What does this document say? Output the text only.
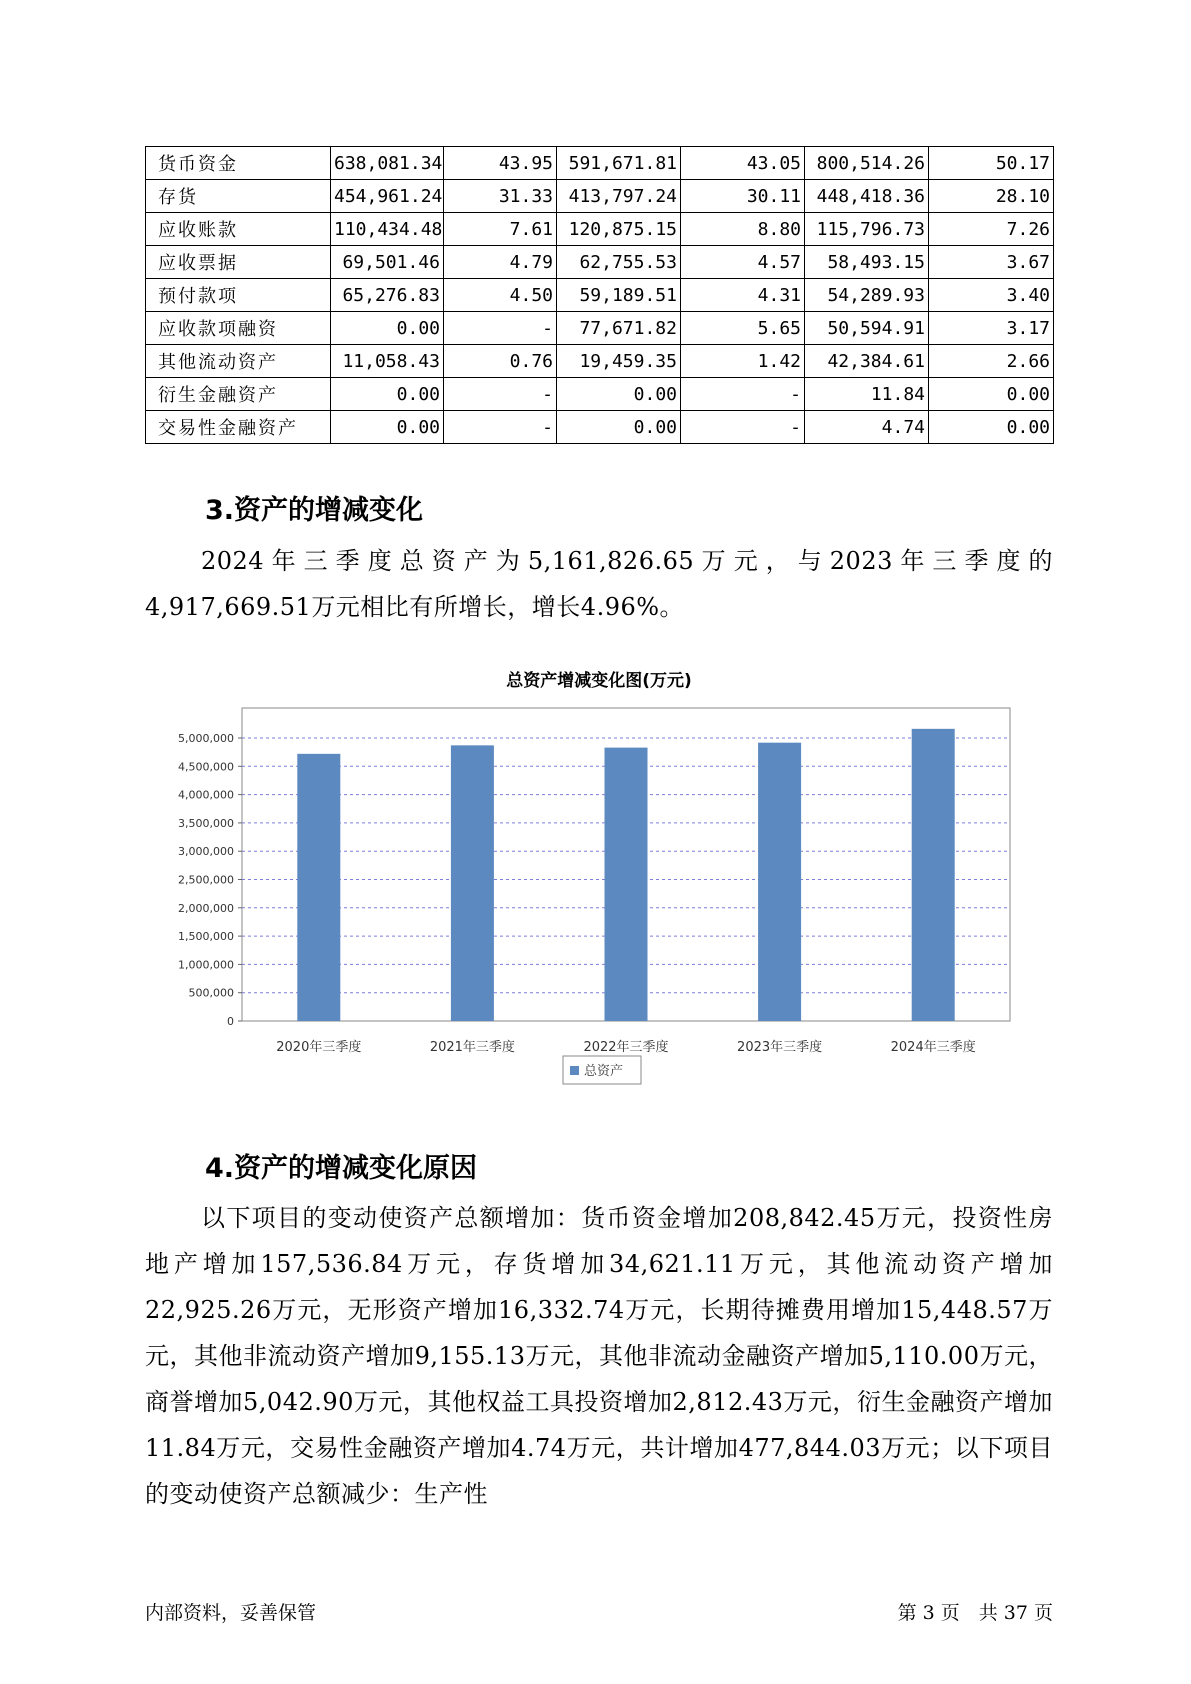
货币资金	638,081.34	43.95	591,671.81	43.05	800,514.26	50.17
存货	454,961.24	31.33	413,797.24	30.11	448,418.36	28.10
应收账款	110,434.48	7.61	120,875.15	8.80	115,796.73	7.26
应收票据	69,501.46	4.79	62,755.53	4.57	58,493.15	3.67
预付款项	65,276.83	4.50	59,189.51	4.31	54,289.93	3.40
应收款项融资	0.00	-	77,671.82	5.65	50,594.91	3.17
其他流动资产	11,058.43	0.76	19,459.35	1.42	42,384.61	2.66
衍生金融资产	0.00	-	0.00	-	11.84	0.00
交易性金融资产	0.00	-	0.00	-	4.74	0.00
3.资产的增减变化

2024年三季度总资产为5,161,826.65万元，与2023年三季度的4,917,669.51万元相比有所增长，增长4.96%。

总资产增减变化图(万元)
0
500,000
1,000,000
1,500,000
2,000,000
2,500,000
3,000,000
3,500,000
4,000,000
4,500,000
5,000,000
2020年三季度	2021年三季度	2022年三季度	2023年三季度	2024年三季度
总资产
4.资产的增减变化原因

以下项目的变动使资产总额增加：货币资金增加208,842.45万元，投资性房地产增加157,536.84万元，存货增加34,621.11万元，其他流动资产增加22,925.26万元，无形资产增加16,332.74万元，长期待摊费用增加15,448.57万元，其他非流动资产增加9,155.13万元，其他非流动金融资产增加5,110.00万元，商誉增加5,042.90万元，其他权益工具投资增加2,812.43万元，衍生金融资产增加11.84万元，交易性金融资产增加4.74万元，共计增加477,844.03万元；以下项目的变动使资产总额减少：生产性

内部资料，妥善保管	第 3 页　共 37 页
